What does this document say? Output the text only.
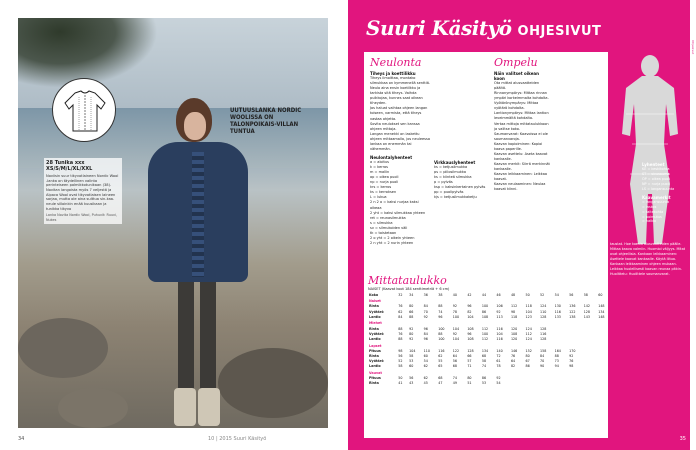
28 Tunika xxx XS/S/M/L/XL/XXL
Noviisin suur tikyvotlaineen Nordic Wool -lanka on täydellinen valinta perinteiseen palmikkotunikaan (38). Novitan langoista myös 7 veljestä ja Alpaca Wool ovat tikyvotlaisen laineen sarjaa, mutta ole aina sulttua sin-kaa. neule silloinkin enää kuusikaan ja tunikka tikyvo
Lanka Novita Nordic Wool, Puhuvit: Ruuvi, Nukes
UUTUUSLANKA NORDIC WOOLISSA ON TALONPOIKAIS-VILLAN TUNTUA
34
Suuri Käsityö OHJESIVUT
Neulonta
Tiheys ja koettilikku
Tiheys ilmoittaa, montako silmukkaa on kymmenellä senttiä.
Neulo aina ensin koetilkku ja tarkista sitä tiheys. Vaihda puikkojaa, kunnes saat oikean tiheyden.
Jos haluat vaihtaa ohjeen langan toiseen, varmista, että tiheys vastaa ohjetta.
Sovita neulokset sen kanssa ohjeen mittoja.
Langan menekki on laskettu ohjeen mittaamalla, jos neuleessa lankaa on enemmän tai vähemmän.
Neulontalyhenteet
a = aloitus
k = kerros
m = mallin
op = oikea puoli
np = nurja puoli
krs = kerros
ks = kerroksen
L = lukua
2 n 2 o = kaksi nurjaa kaksi oikeaa
2 yht = kaksi silmukkaa yhteen
ret = reunasilmukka
s = silmukka
sv = silmukoiden väli
tk = toistetaan
2 o yht = 2 oikein yhteen
2 n yht = 2 nurin yhteen
Virkkauslyhenteet
ks = ketjusilmukka
ps = piilosilmukka
ks = kiinteä silmukka
p = pylväs
ksp = kaksinkertainen pylväs
pp = puolipylväs
kjs = ketjusilmukkaketju
Ompelu
Näin valitset oikean koon
Ota mittat alusvaatteiden päältä.
Rinnanympärys: Mittaa rinnan ympäri korkeimmalta kohdalta.
Vyötärönympärys: Mittaa vyötärö kohdalta.
Lantionympärys: Mittaa lantion leveimmältä kohdalta.
Vertaa mittoja mittataulukkoon ja valitse koko.
Saumanvarat: Kaavoissa ei ole saumanvaroja.
Kaavan kopioiminen: Kopioi kaava paperille.
Kaavan asettelu: Aseta kaavat kankaalle.
Kaavan merkit: Siirrä merkinnät kankaalle.
Kaavan leikkaaminen: Leikkaa kaavat.
Kaavan neulaaminen: Neulaa kaavat kiinni.
Mittataulukko
NAISET (Kaavat koot 184 senttimetriä + 6 cm)
Koko	32	34	36	38	40	42	44	46	48	50	52	54	56	58	60
Naiset															
Rinta	76	80	84	88	92	96	100	106	112	118	124	130	136	142	148
Vyötärö	62	66	70	74	78	82	86	92	98	104	110	116	122	128	134
Lantio	84	88	92	96	100	104	108	113	118	123	128	133	138	143	148
Miehet															
Rinta	88	92	96	100	104	108	112	116	120	124	128				
Vyötärö	76	80	84	88	92	96	100	104	108	112	116				
Lantio	88	92	96	100	104	108	112	116	120	124	128				
Lapset															
Pituus	98	104	110	116	122	128	134	140	146	152	158	164	170		
Rinta	56	58	60	62	64	66	68	72	76	80	84	88	92		
Vyötärö	52	53	54	55	56	57	58	61	64	67	70	73	76		
Lantio	58	60	62	65	68	71	74	78	82	86	90	94	98		
Vauvat															
Pituus	50	56	62	68	74	80	86	92							
Rinta	41	43	45	47	49	51	53	54							
Lyhenteet
KE = keskikohta
ST = sivusauma
OP = oikea puoli
NP = nurja puoli
LS = langansuunta
Kaavamerkit
= langansuunta
= laskos
= taitekohta
= poimutus
= halkio
taustat. Hoe koesia alusvaatteiden päälle. Mittaa kaava valmiin. Huomioi väljyys. Mitat ovat ohjeellisia. Kankaan leikkaaminen: Asettele kaavat kankaalle. Käytä liitua. Kankaan leikkaaminen ohjeen mukaan. Leikkaa huolellisesti kaavan reunaa pitkin. Huolittelu: Huolittele saumanvarat.
Ohjesivut
10 | 2015 Suuri Käsityö	35
